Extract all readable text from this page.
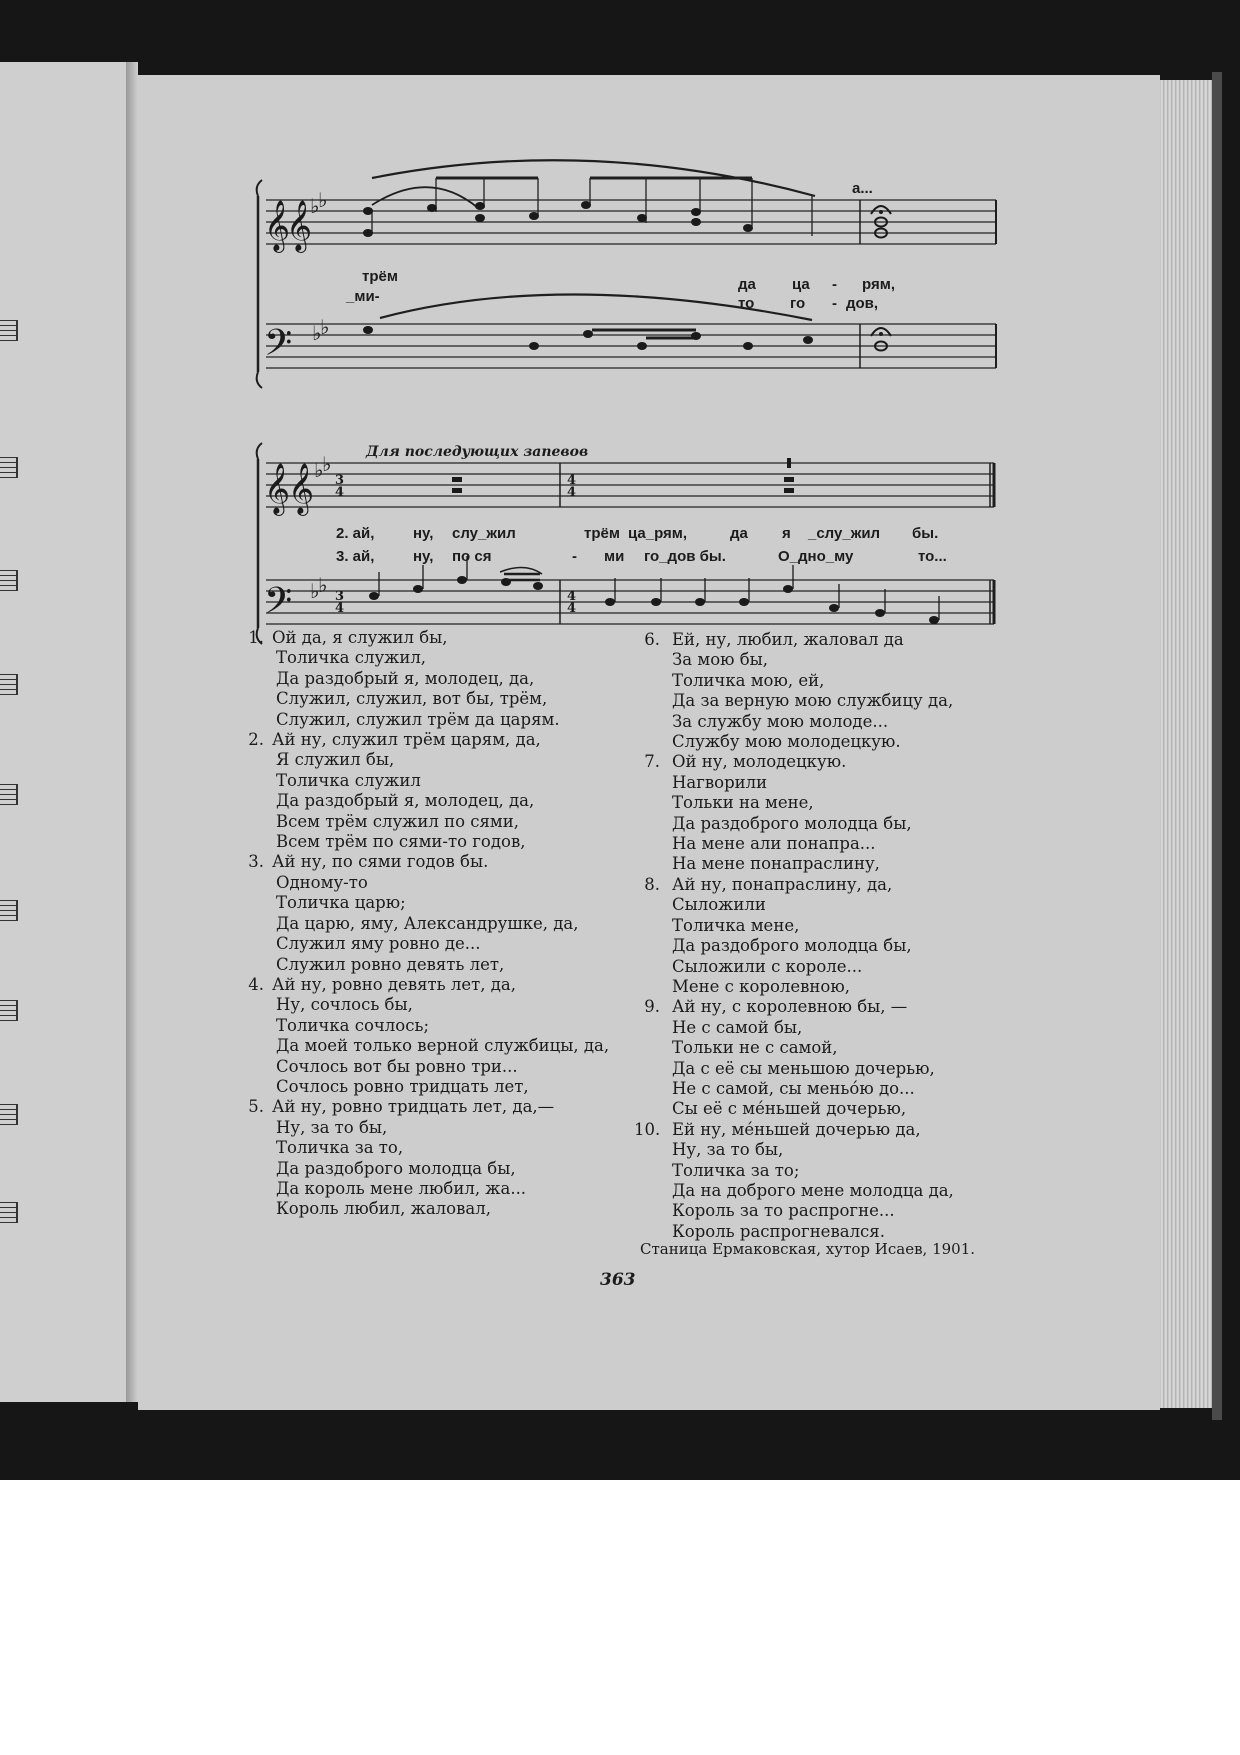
𝄞
𝄞
𝄢
𝄞
𝄞
𝄢
♭
♭
♭
♭
♭
♭
♭
♭
3
4
4
4
3
4
4
4
а...
трём	да ца - рям,
_ми-	то го - дов,
Для последующих запевов
2. ай,	ну, слу_жил	трём ца_рям,	да я _слу_жил бы.
3. ай,	ну, по ся	- ми го_дов бы.	О_дно_му	то...
1. Ой да, я служил бы,
Толичка служил,
Да раздобрый я, молодец, да,
Служил, служил, вот бы, трём,
Служил, служил трём да царям.
2. Ай ну, служил трём царям, да,
Я служил бы,
Толичка служил
Да раздобрый я, молодец, да,
Всем трём служил по сями,
Всем трём по сями-то годов,
3. Ай ну, по сями годов бы.
Одному-то
Толичка царю;
Да царю, яму, Александрушке, да,
Служил яму ровно де...
Служил ровно девять лет,
4. Ай ну, ровно девять лет, да,
Ну, сочлось бы,
Толичка сочлось;
Да моей только верной службицы, да,
Сочлось вот бы ровно три...
Сочлось ровно тридцать лет,
5. Ай ну, ровно тридцать лет, да,—
Ну, за то бы,
Толичка за то,
Да раздоброго молодца бы,
Да король мене любил, жа...
Король любил, жаловал,
6. Ей, ну, любил, жаловал да
За мою бы,
Толичка мою, ей,
Да за верную мою службицу да,
За службу мою молоде...
Службу мою молодецкую.
7. Ой ну, молодецкую.
Нагворили
Тольки на мене,
Да раздоброго молодца бы,
На мене али понапра...
На мене понапраслину,
8. Ай ну, понапраслину, да,
Сыложили
Толичка мене,
Да раздоброго молодца бы,
Сыложили с короле...
Мене с королевною,
9. Ай ну, с королевною бы, —
Не с самой бы,
Тольки не с самой,
Да с её сы меньшою дочерью,
Не с самой, сы меньо́ю до...
Сы её с ме́ньшей дочерью,
10. Ей ну, ме́ньшей дочерью да,
Ну, за то бы,
Толичка за то;
Да на доброго мене молодца да,
Король за то распрогне...
Король распрогневался.
Станица Ермаковская, хутор Исаев, 1901.
363
